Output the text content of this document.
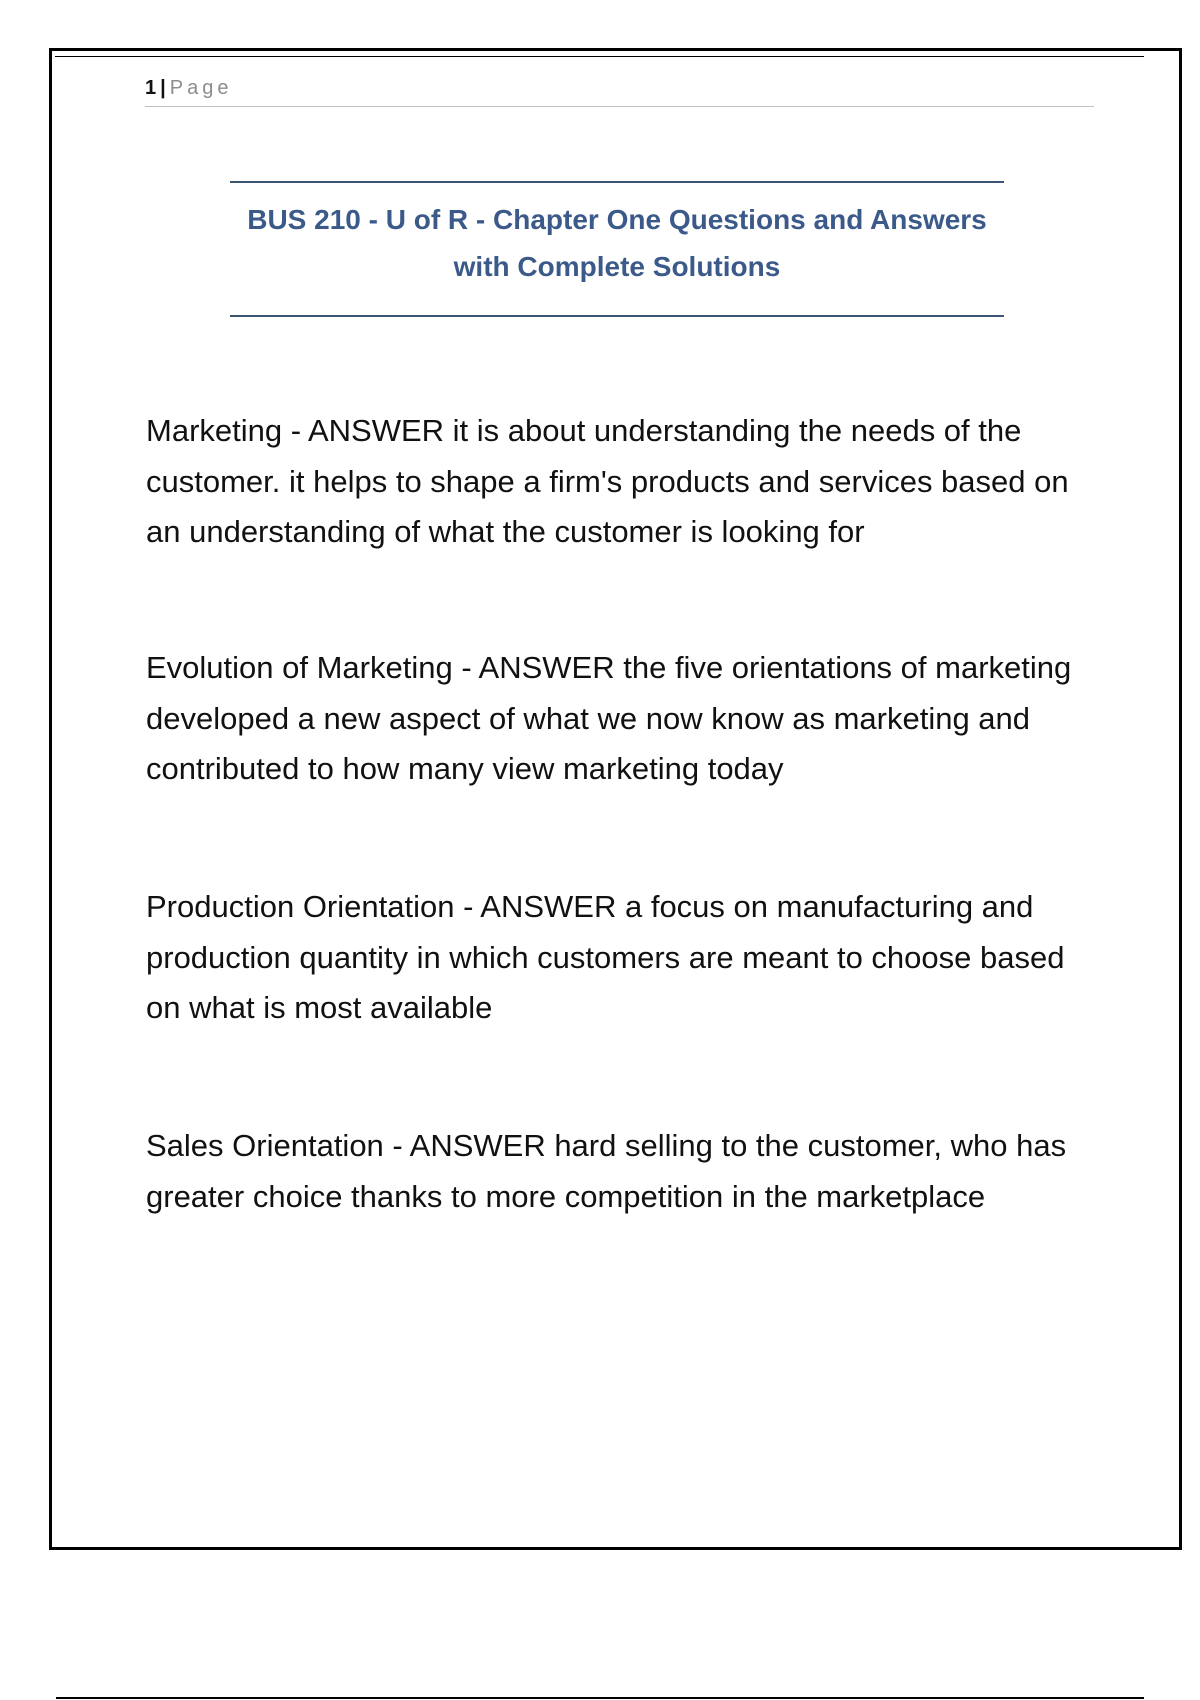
1 | Page
BUS 210 - U of R - Chapter One Questions and Answers
with Complete Solutions
Marketing - ANSWER it is about understanding the needs of the customer. it helps to shape a firm's products and services based on an understanding of what the customer is looking for
Evolution of Marketing - ANSWER the five orientations of marketing developed a new aspect of what we now know as marketing and contributed to how many view marketing today
Production Orientation - ANSWER a focus on manufacturing and production quantity in which customers are meant to choose based on what is most available
Sales Orientation - ANSWER hard selling to the customer, who has greater choice thanks to more competition in the marketplace
